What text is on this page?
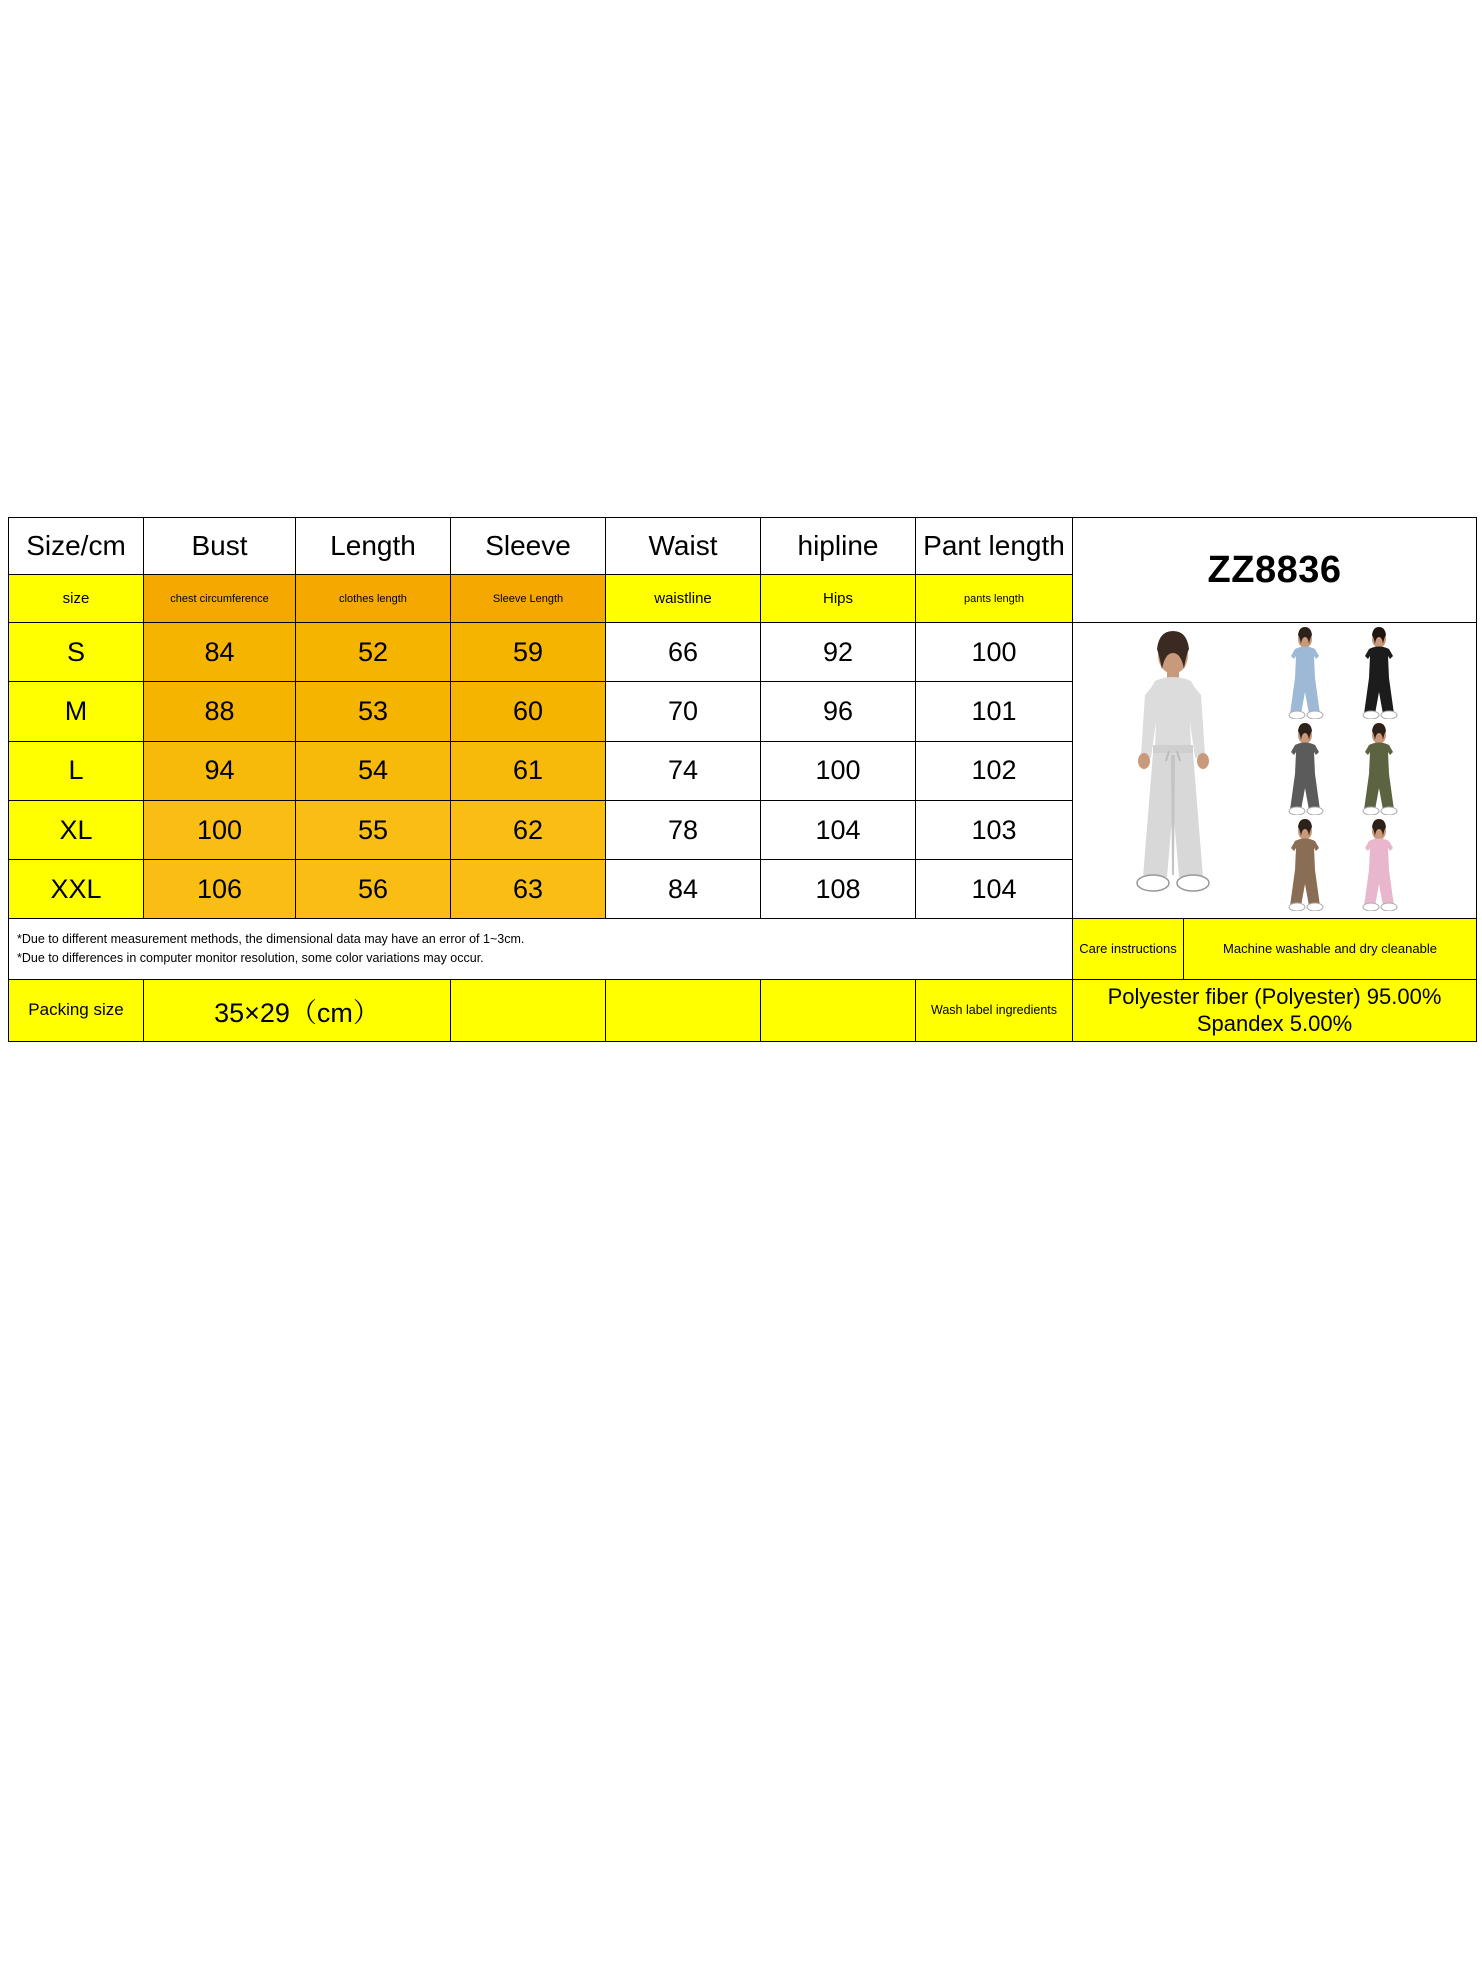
Size/cm	Bust	Length	Sleeve	Waist	hipline	Pant length	ZZ8836
size	chest circumference	clothes length	Sleeve Length	waistline	Hips	pants length
S	84	52	59	66	92	100	

M	88	53	60	70	96	101
L	94	54	61	74	100	102
XL	100	55	62	78	104	103
XXL	106	56	63	84	108	104

*Due to different measurement methods, the dimensional data may have an error of 1~3cm.
*Due to differences in computer monitor resolution, some color variations may occur.

Care instructions	Machine washable and dry cleanable

Packing size	35×29（cm）				Wash label ingredients	Polyester fiber (Polyester) 95.00%
Spandex 5.00%
